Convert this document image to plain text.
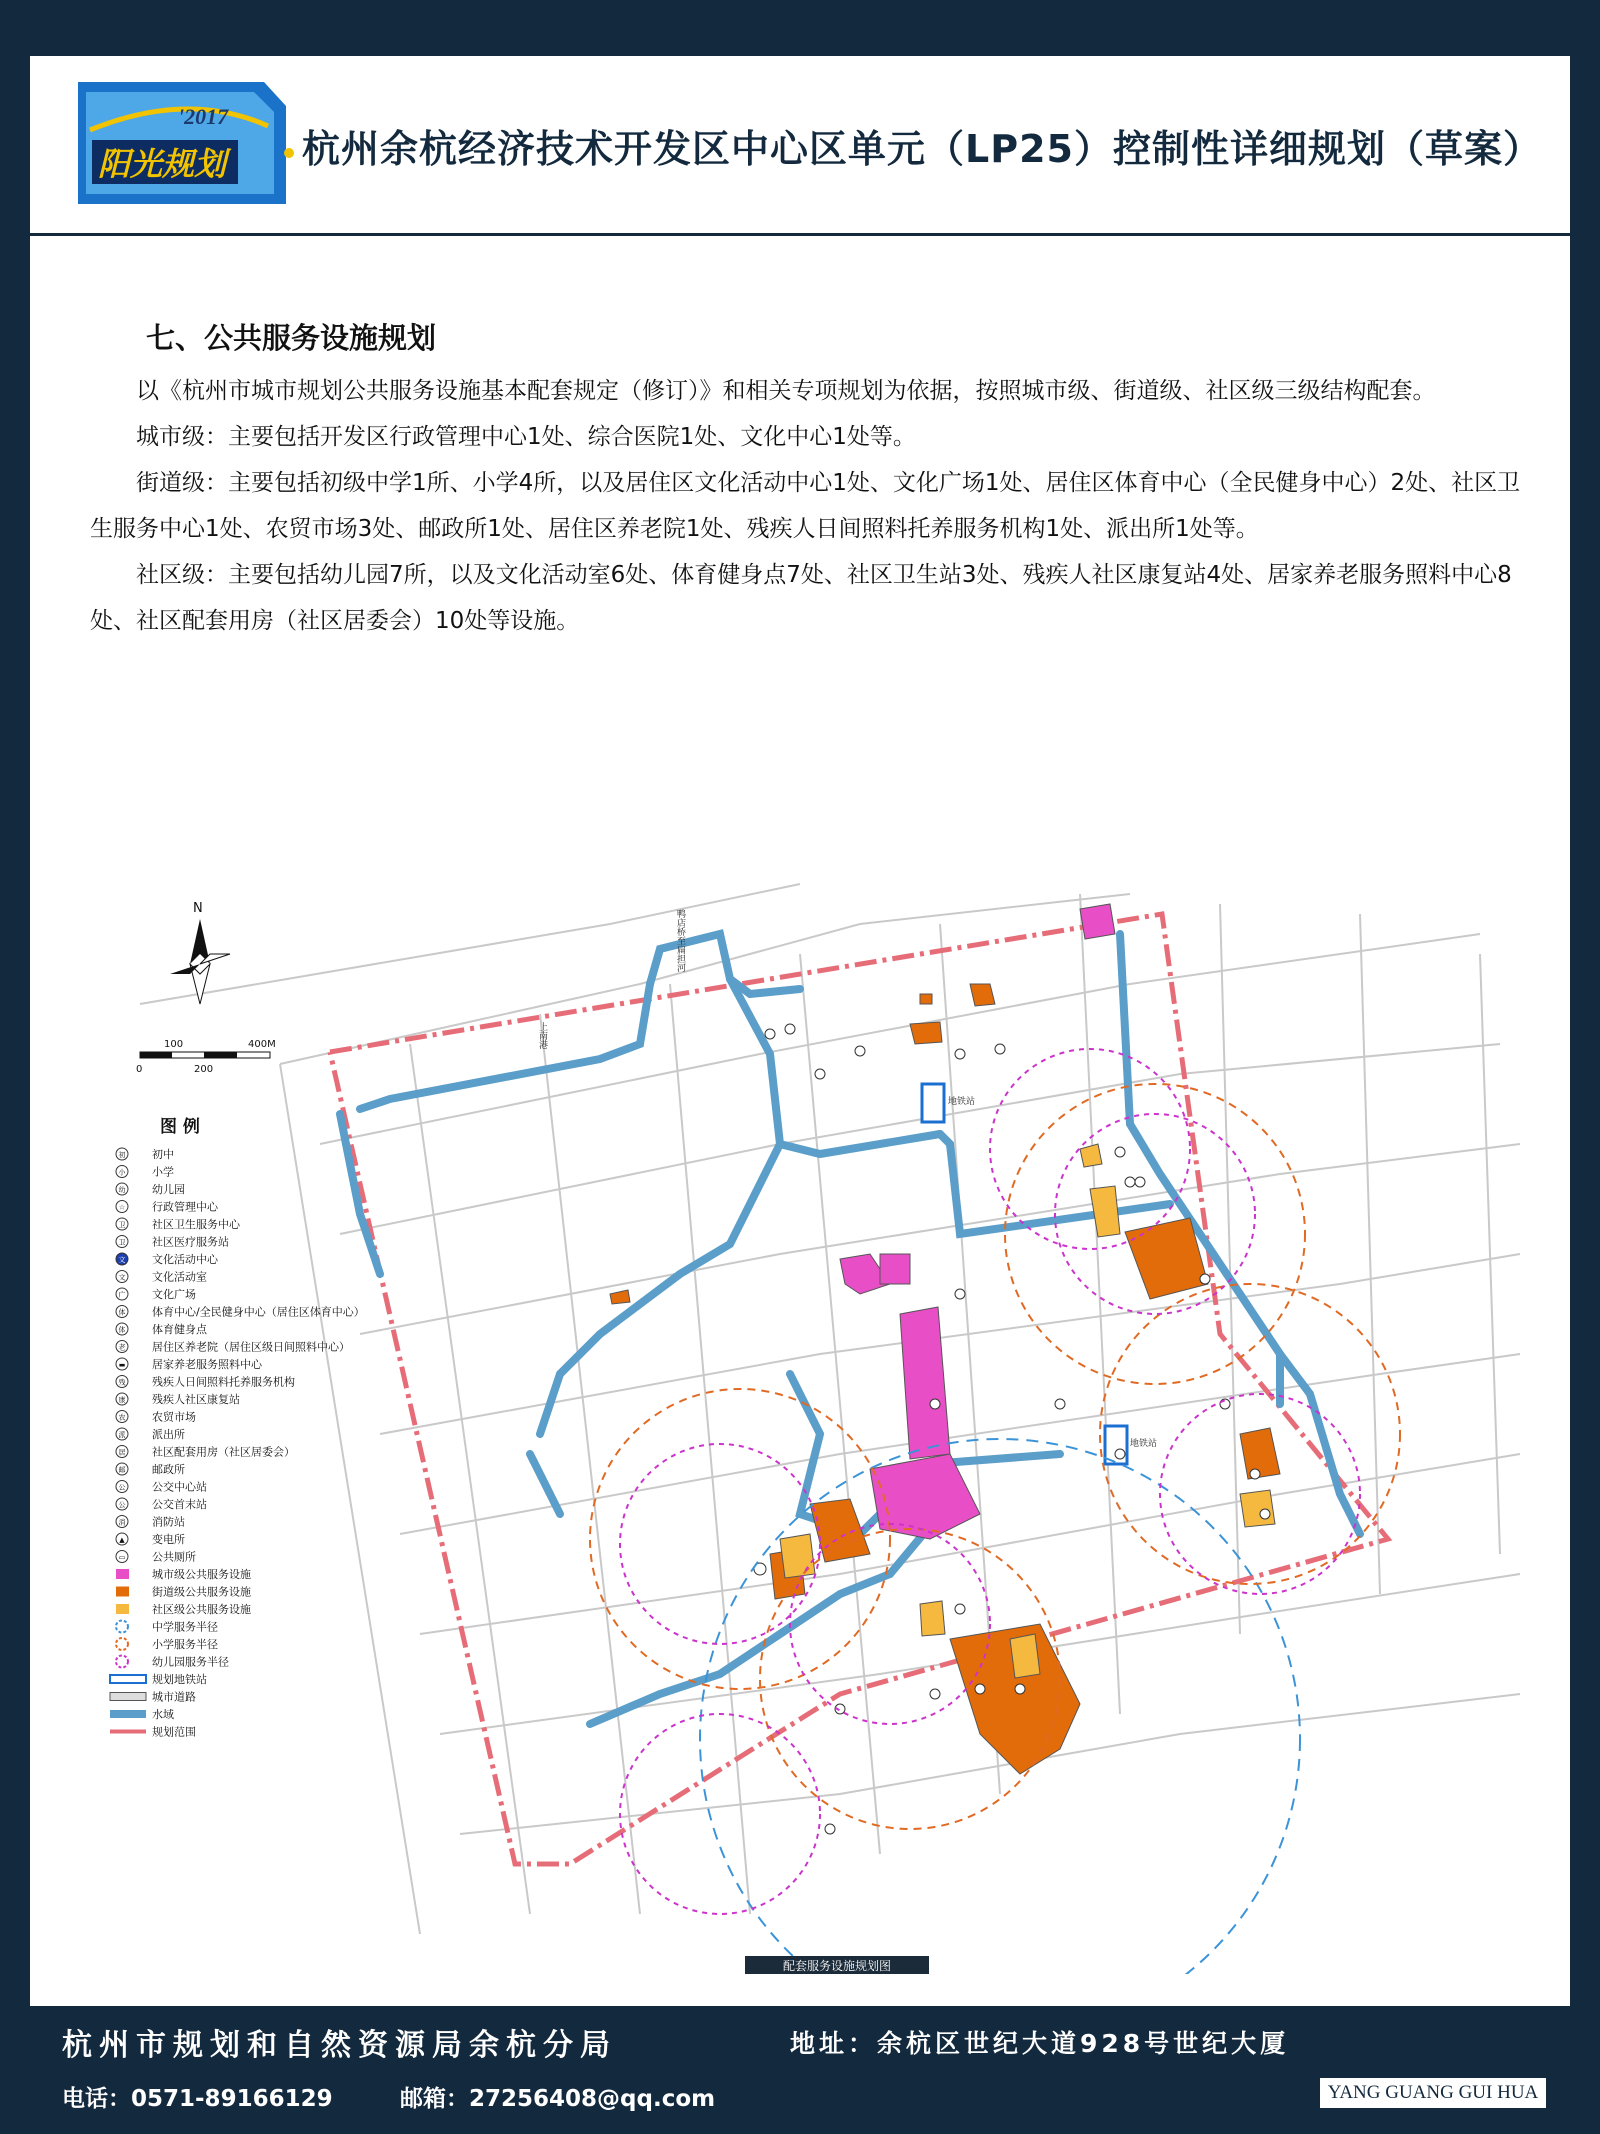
'2017
阳光规划 杭州余杭经济技术开发区中心区单元（LP25）控制性详细规划（草案）
七、公共服务设施规划

以《杭州市城市规划公共服务设施基本配套规定（修订）》和相关专项规划为依据，按照城市级、街道级、社区级三级结构配套。

城市级：主要包括开发区行政管理中心1处、综合医院1处、文化中心1处等。

街道级：主要包括初级中学1所、小学4所，以及居住区文化活动中心1处、文化广场1处、居住区体育中心（全民健身中心）2处、社区卫生服务中心1处、农贸市场3处、邮政所1处、居住区养老院1处、残疾人日间照料托养服务机构1处、派出所1处等。

社区级：主要包括幼儿园7所，以及文化活动室6处、体育健身点7处、社区卫生站3处、残疾人社区康复站4处、居家养老服务照料中心8处、社区配套用房（社区居委会）10处等设施。

地铁站
地铁站
鸭店桥至扁担河
上南港
N
100	400M
0	200
图 例
初 初中
小 小学
幼 幼儿园
☆ 行政管理中心
卫 社区卫生服务中心
卫 社区医疗服务站
文 文化活动中心
文 文化活动室
广 文化广场
体 体育中心/全民健身中心（居住区体育中心）
体 体育健身点
老 居住区养老院（居住区级日间照料中心）
▬ 居家养老服务照料中心
残 残疾人日间照料托养服务机构
康 残疾人社区康复站
农 农贸市场
派 派出所
居 社区配套用房（社区居委会）
邮 邮政所
公 公交中心站
公 公交首末站
消 消防站
▲ 变电所
▭ 公共厕所
城市级公共服务设施
街道级公共服务设施
社区级公共服务设施
中学服务半径
小学服务半径
幼儿园服务半径
规划地铁站
城市道路
水域
规划范围
配套服务设施规划图
杭州市规划和自然资源局余杭分局	地址：余杭区世纪大道928号世纪大厦
电话：0571-89166129	邮箱：27256408@qq.com	YANG GUANG GUI HUA
